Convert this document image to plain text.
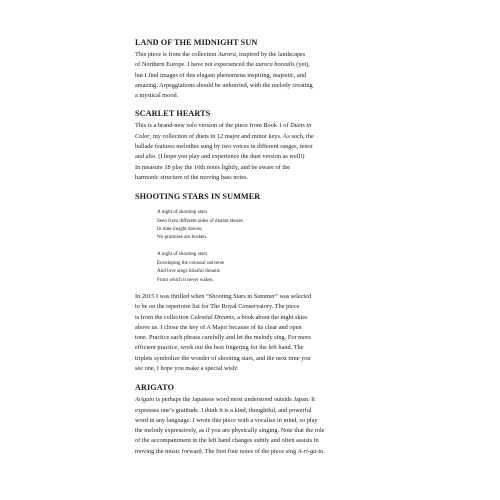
LAND OF THE MIDNIGHT SUN

This piece is from the collection Aurora, inspired by the landscapes
of Northern Europe. I have not experienced the aurora borealis (yet),
but I find images of this elegant phenomena inspiring, majestic, and
amazing. Arpeggiations should be unhurried, with the melody creating
a mystical mood.

SCARLET HEARTS

This is a brand-new solo version of the piece from Book 1 of Duets in
Color, my collection of duets in 12 major and minor keys. As such, the
ballade features melodies sung by two voices in different ranges, tenor
and alto. (I hope you play and experience the duet version as well!)
In measure 18 play the 16th notes lightly, and be aware of the
harmonic structure of the moving bass notes.

SHOOTING STARS IN SUMMER
A night of shooting stars
Seen from different sides of distant shores
In time insight dawns;
No promises are broken.
A night of shooting stars
Enveloping the colossal universe
And love sings blissful dreams
From which it never wakes.

In 2015 I was thrilled when “Shooting Stars in Summer” was selected
to be on the repertoire list for The Royal Conservatory. The piece
is from the collection Celestial Dreams, a book about the night skies
above us. I chose the key of A Major because of its clear and open
tone. Practice each phrase carefully and let the melody sing. For more
efficient practice, work out the best fingering for the left hand. The
triplets symbolize the wonder of shooting stars, and the next time you
see one, I hope you make a special wish!

ARIGATO

Arigato is perhaps the Japanese word most understood outside Japan. It
expresses one’s gratitude. I think it is a kind, thoughtful, and powerful
word in any language. I wrote this piece with a vocalise in mind, so play
the melody expressively, as if you are physically singing. Note that the role
of the accompaniment in the left hand changes subtly and often assists in
moving the music forward. The first four notes of the piece sing A-ri-ga-to.
